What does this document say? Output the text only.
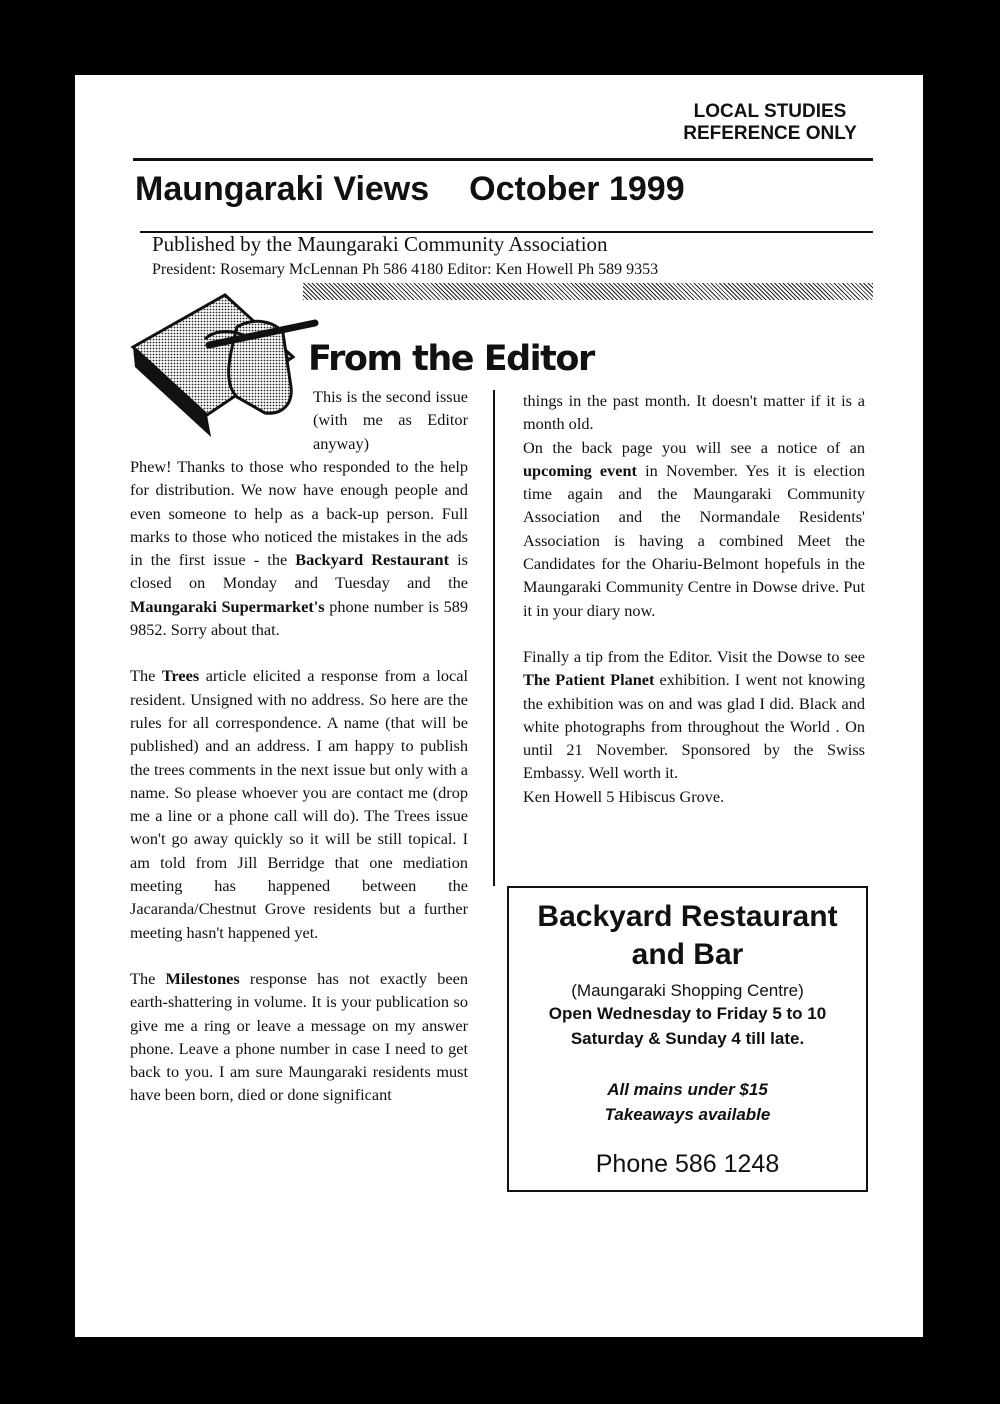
LOCAL STUDIES
REFERENCE ONLY
Maungaraki Views October 1999

Published by the Maungaraki Community Association

President: Rosemary McLennan Ph 586 4180 Editor: Ken Howell Ph 589 9353

From the Editor

This is the second issue (with me as Editor anyway)

Phew! Thanks to those who responded to the help for distribution. We now have enough people and even someone to help as a back-up person. Full marks to those who noticed the mistakes in the ads in the first issue - the Backyard Restaurant is closed on Monday and Tuesday and the Maungaraki Supermarket's phone number is 589 9852. Sorry about that.

The Trees article elicited a response from a local resident. Unsigned with no address. So here are the rules for all correspondence. A name (that will be published) and an address. I am happy to publish the trees comments in the next issue but only with a name. So please whoever you are contact me (drop me a line or a phone call will do). The Trees issue won't go away quickly so it will be still topical. I am told from Jill Berridge that one mediation meeting has happened between the Jacaranda/Chestnut Grove residents but a further meeting hasn't happened yet.

The Milestones response has not exactly been earth-shattering in volume. It is your publication so give me a ring or leave a message on my answer phone. Leave a phone number in case I need to get back to you. I am sure Maungaraki residents must have been born, died or done significant

things in the past month. It doesn't matter if it is a month old.

On the back page you will see a notice of an upcoming event in November. Yes it is election time again and the Maungaraki Community Association and the Normandale Residents' Association is having a combined Meet the Candidates for the Ohariu-Belmont hopefuls in the Maungaraki Community Centre in Dowse drive. Put it in your diary now.

Finally a tip from the Editor. Visit the Dowse to see The Patient Planet exhibition. I went not knowing the exhibition was on and was glad I did. Black and white photographs from throughout the World . On until 21 November. Sponsored by the Swiss Embassy. Well worth it.

Ken Howell 5 Hibiscus Grove.

Backyard Restaurant
and Bar

(Maungaraki Shopping Centre)

Open Wednesday to Friday 5 to 10

Saturday & Sunday 4 till late.

All mains under $15
Takeaways available

Phone 586 1248
